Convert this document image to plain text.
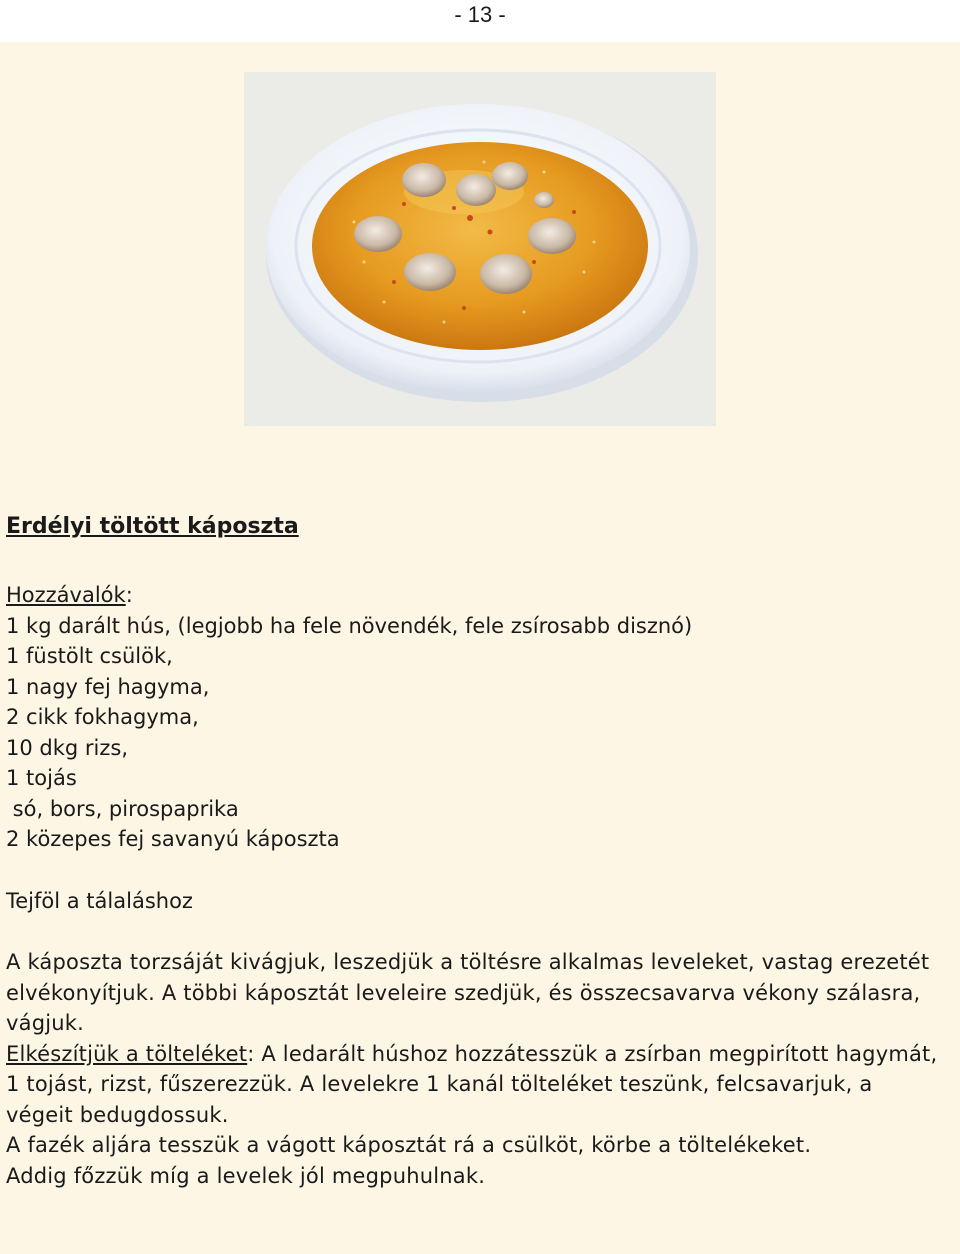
- 13 -
Erdélyi töltött káposzta
Hozzávalók:
1 kg darált hús, (legjobb ha fele növendék, fele zsírosabb disznó)
1 füstölt csülök,
1 nagy fej hagyma,
2 cikk fokhagyma,
10 dkg rizs,
1 tojás
só, bors, pirospaprika
2 közepes fej savanyú káposzta
Tejföl a tálaláshoz

A káposzta torzsáját kivágjuk, leszedjük a töltésre alkalmas leveleket, vastag erezetét elvékonyítjuk. A többi káposztát leveleire szedjük, és összecsavarva vékony szálasra, vágjuk.

Elkészítjük a tölteléket: A ledarált húshoz hozzátesszük a zsírban megpirított hagymát, 1 tojást, rizst, fűszerezzük. A levelekre 1 kanál tölteléket teszünk, felcsavarjuk, a végeit bedugdossuk.

A fazék aljára tesszük a vágott káposztát rá a csülköt, körbe a töltelékeket.

Addig főzzük míg a levelek jól megpuhulnak.
